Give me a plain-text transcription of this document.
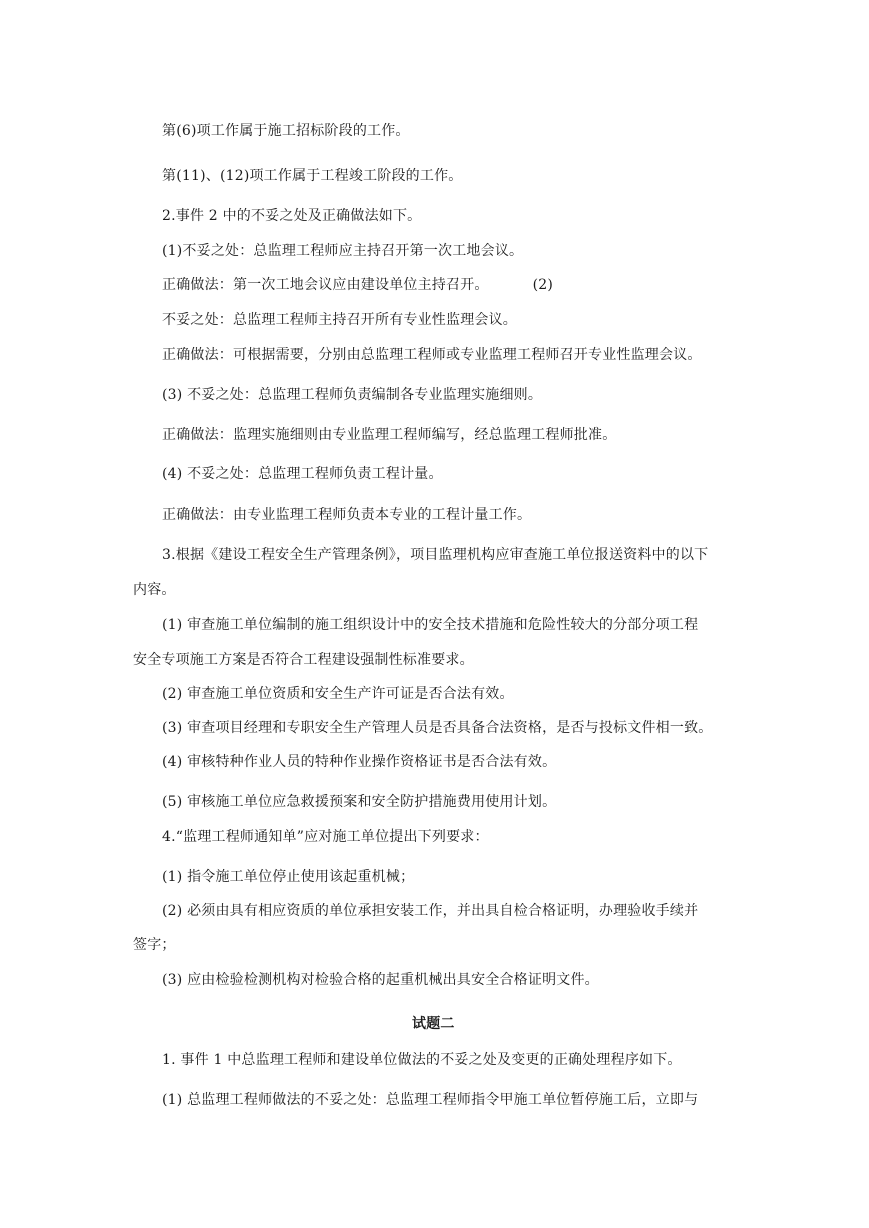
第(6)项工作属于施工招标阶段的工作。
第(11)、(12)项工作属于工程竣工阶段的工作。
2.事件 2 中的不妥之处及正确做法如下。
(1)不妥之处：总监理工程师应主持召开第一次工地会议。
正确做法：第一次工地会议应由建设单位主持召开。	(2)
不妥之处：总监理工程师主持召开所有专业性监理会议。
正确做法：可根据需要，分别由总监理工程师或专业监理工程师召开专业性监理会议。
(3) 不妥之处：总监理工程师负责编制各专业监理实施细则。
正确做法：监理实施细则由专业监理工程师编写，经总监理工程师批准。
(4) 不妥之处：总监理工程师负责工程计量。
正确做法：由专业监理工程师负责本专业的工程计量工作。
3.根据《建设工程安全生产管理条例》，项目监理机构应审查施工单位报送资料中的以下
内容。
(1) 审查施工单位编制的施工组织设计中的安全技术措施和危险性较大的分部分项工程
安全专项施工方案是否符合工程建设强制性标准要求。
(2) 审查施工单位资质和安全生产许可证是否合法有效。
(3) 审查项目经理和专职安全生产管理人员是否具备合法资格，是否与投标文件相一致。
(4) 审核特种作业人员的特种作业操作资格证书是否合法有效。
(5) 审核施工单位应急救援预案和安全防护措施费用使用计划。
4.“监理工程师通知单”应对施工单位提出下列要求：
(1) 指令施工单位停止使用该起重机械；
(2) 必须由具有相应资质的单位承担安装工作，并出具自检合格证明，办理验收手续并
签字；
(3) 应由检验检测机构对检验合格的起重机械出具安全合格证明文件。
试题二
1. 事件 1 中总监理工程师和建设单位做法的不妥之处及变更的正确处理程序如下。
(1) 总监理工程师做法的不妥之处：总监理工程师指令甲施工单位暂停施工后，立即与
